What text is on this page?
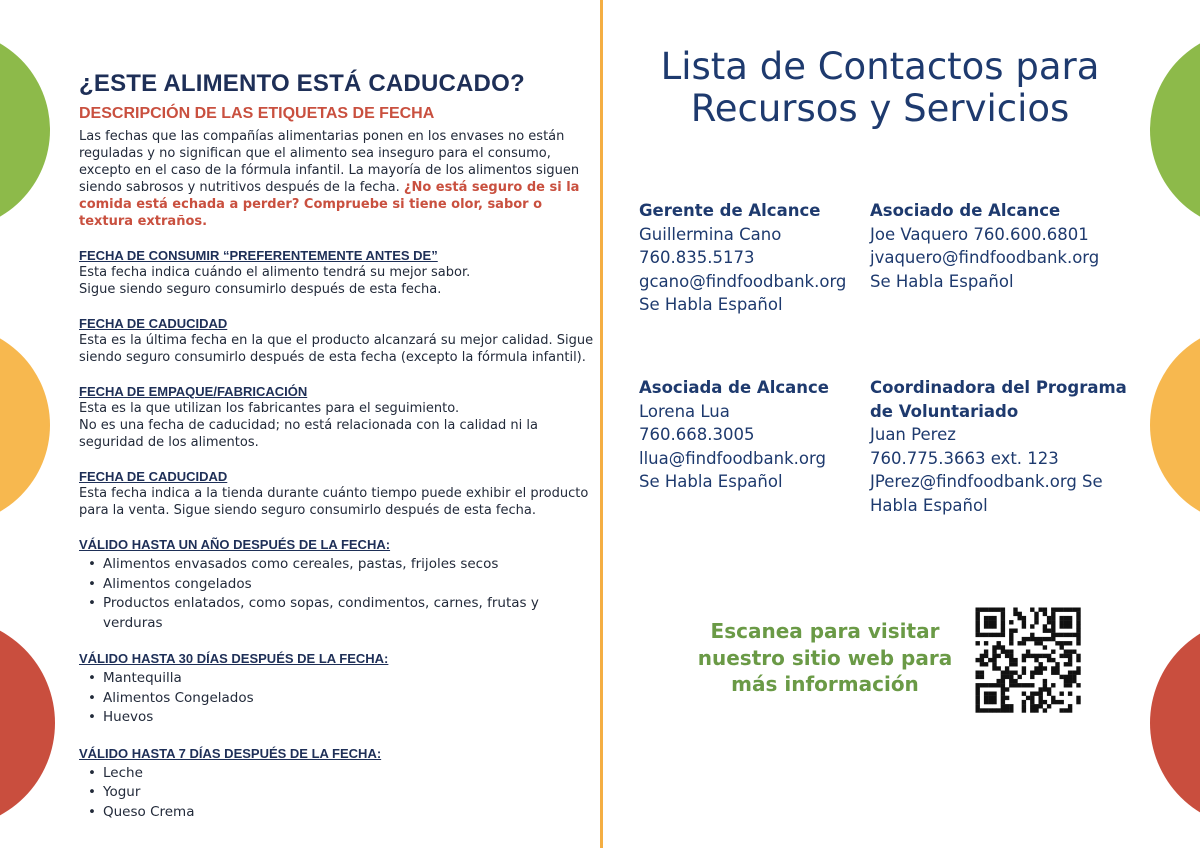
¿ESTE ALIMENTO ESTÁ CADUCADO?
DESCRIPCIÓN DE LAS ETIQUETAS DE FECHA

Las fechas que las compañías alimentarias ponen en los envases no están reguladas y no significan que el alimento sea inseguro para el consumo, excepto en el caso de la fórmula infantil. La mayoría de los alimentos siguen siendo sabrosos y nutritivos después de la fecha. ¿No está seguro de si la comida está echada a perder? Compruebe si tiene olor, sabor o textura extraños.

FECHA DE CONSUMIR “PREFERENTEMENTE ANTES DE”

Esta fecha indica cuándo el alimento tendrá su mejor sabor.

Sigue siendo seguro consumirlo después de esta fecha.

FECHA DE CADUCIDAD

Esta es la última fecha en la que el producto alcanzará su mejor calidad. Sigue siendo seguro consumirlo después de esta fecha (excepto la fórmula infantil).

FECHA DE EMPAQUE/FABRICACIÓN

Esta es la que utilizan los fabricantes para el seguimiento.

No es una fecha de caducidad; no está relacionada con la calidad ni la seguridad de los alimentos.

FECHA DE CADUCIDAD

Esta fecha indica a la tienda durante cuánto tiempo puede exhibir el producto para la venta. Sigue siendo seguro consumirlo después de esta fecha.

VÁLIDO HASTA UN AÑO DESPUÉS DE LA FECHA:
• Alimentos envasados como cereales, pastas, frijoles secos
• Alimentos congelados
• Productos enlatados, como sopas, condimentos, carnes, frutas y verduras
VÁLIDO HASTA 30 DÍAS DESPUÉS DE LA FECHA:
• Mantequilla
• Alimentos Congelados
• Huevos
VÁLIDO HASTA 7 DÍAS DESPUÉS DE LA FECHA:
• Leche
• Yogur
• Queso Crema
Lista de Contactos para
Recursos y Servicios
Gerente de Alcance
Guillermina Cano
760.835.5173
gcano@findfoodbank.org
Se Habla Español
Asociado de Alcance
Joe Vaquero 760.600.6801
jvaquero@findfoodbank.org
Se Habla Español
Asociada de Alcance
Lorena Lua
760.668.3005
llua@findfoodbank.org
Se Habla Español
Coordinadora del Programa de Voluntariado
Juan Perez
760.775.3663 ext. 123
JPerez@findfoodbank.org Se Habla Español
Escanea para visitar nuestro sitio web para más información
